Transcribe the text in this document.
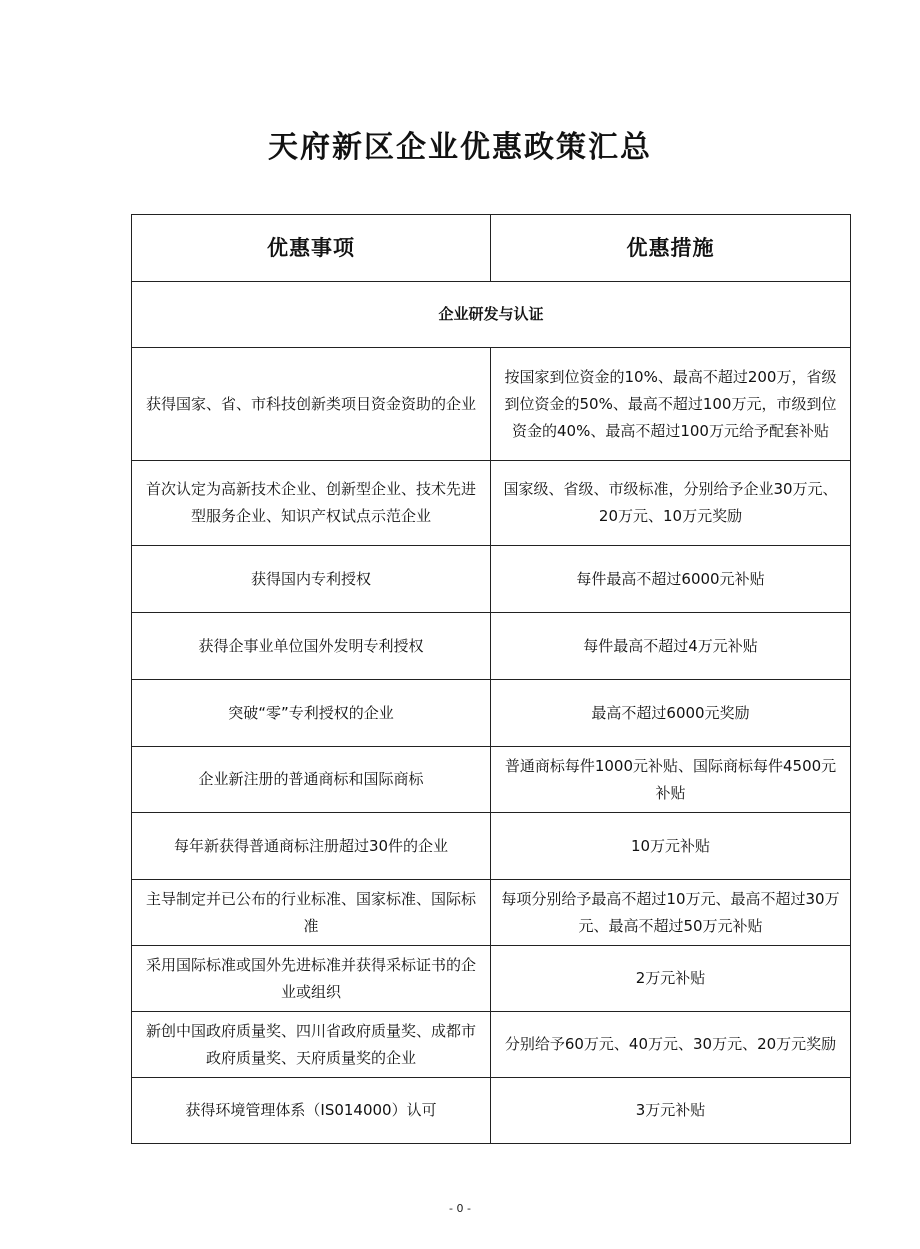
天府新区企业优惠政策汇总
优惠事项	优惠措施
企业研发与认证	
获得国家、省、市科技创新类项目资金资助的企业	按国家到位资金的10%、最高不超过200万，省级到位资金的50%、最高不超过100万元，市级到位资金的40%、最高不超过100万元给予配套补贴
首次认定为高新技术企业、创新型企业、技术先进型服务企业、知识产权试点示范企业	国家级、省级、市级标准，分别给予企业30万元、20万元、10万元奖励
获得国内专利授权	每件最高不超过6000元补贴
获得企事业单位国外发明专利授权	每件最高不超过4万元补贴
突破“零”专利授权的企业	最高不超过6000元奖励
企业新注册的普通商标和国际商标	普通商标每件1000元补贴、国际商标每件4500元补贴
每年新获得普通商标注册超过30件的企业	10万元补贴
主导制定并已公布的行业标准、国家标准、国际标准	每项分别给予最高不超过10万元、最高不超过30万元、最高不超过50万元补贴
采用国际标准或国外先进标准并获得采标证书的企业或组织	2万元补贴
新创中国政府质量奖、四川省政府质量奖、成都市政府质量奖、天府质量奖的企业	分别给予60万元、40万元、30万元、20万元奖励
获得环境管理体系（IS014000）认可	3万元补贴
- 0 -
